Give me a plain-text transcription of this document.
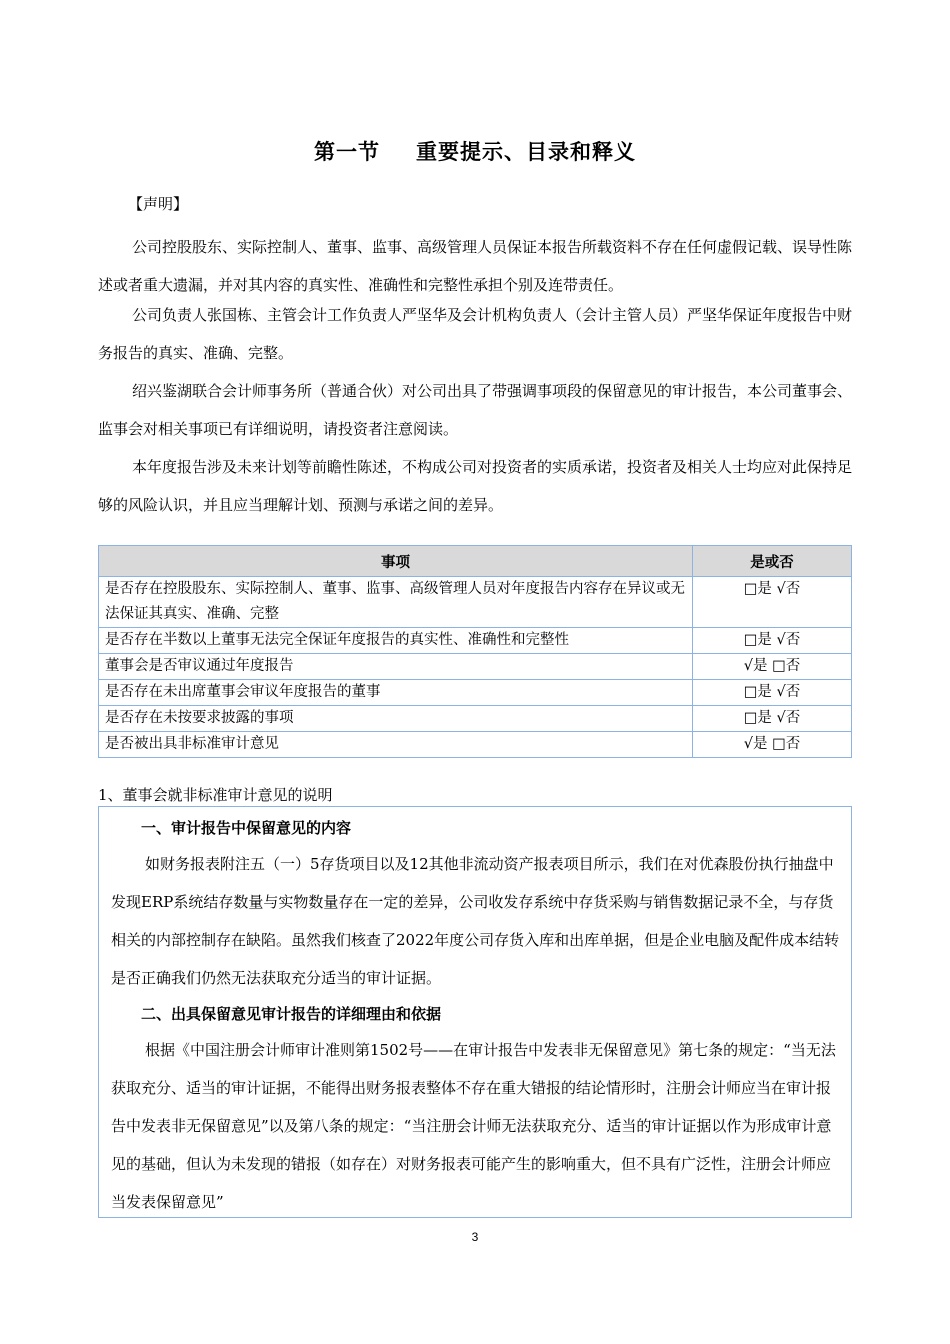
第一节 重要提示、目录和释义
【声明】

公司控股股东、实际控制人、董事、监事、高级管理人员保证本报告所载资料不存在任何虚假记载、误导性陈述或者重大遗漏，并对其内容的真实性、准确性和完整性承担个别及连带责任。

公司负责人张国栋、主管会计工作负责人严坚华及会计机构负责人（会计主管人员）严坚华保证年度报告中财务报告的真实、准确、完整。

绍兴鉴湖联合会计师事务所（普通合伙）对公司出具了带强调事项段的保留意见的审计报告，本公司董事会、监事会对相关事项已有详细说明，请投资者注意阅读。

本年度报告涉及未来计划等前瞻性陈述，不构成公司对投资者的实质承诺，投资者及相关人士均应对此保持足够的风险认识，并且应当理解计划、预测与承诺之间的差异。

事项	是或否
是否存在控股股东、实际控制人、董事、监事、高级管理人员对年度报告内容存在异议或无法保证其真实、准确、完整	□是 √否
是否存在半数以上董事无法完全保证年度报告的真实性、准确性和完整性	□是 √否
董事会是否审议通过年度报告	√是 □否
是否存在未出席董事会审议年度报告的董事	□是 √否
是否存在未按要求披露的事项	□是 √否
是否被出具非标准审计意见	√是 □否
1、董事会就非标准审计意见的说明
一、审计报告中保留意见的内容

如财务报表附注五（一）5存货项目以及12其他非流动资产报表项目所示，我们在对优森股份执行抽盘中发现ERP系统结存数量与实物数量存在一定的差异，公司收发存系统中存货采购与销售数据记录不全，与存货相关的内部控制存在缺陷。虽然我们核查了2022年度公司存货入库和出库单据，但是企业电脑及配件成本结转是否正确我们仍然无法获取充分适当的审计证据。

二、出具保留意见审计报告的详细理由和依据

根据《中国注册会计师审计准则第1502号——在审计报告中发表非无保留意见》第七条的规定：“当无法获取充分、适当的审计证据，不能得出财务报表整体不存在重大错报的结论情形时，注册会计师应当在审计报告中发表非无保留意见”以及第八条的规定：“当注册会计师无法获取充分、适当的审计证据以作为形成审计意见的基础，但认为未发现的错报（如存在）对财务报表可能产生的影响重大，但不具有广泛性，注册会计师应当发表保留意见”

3
